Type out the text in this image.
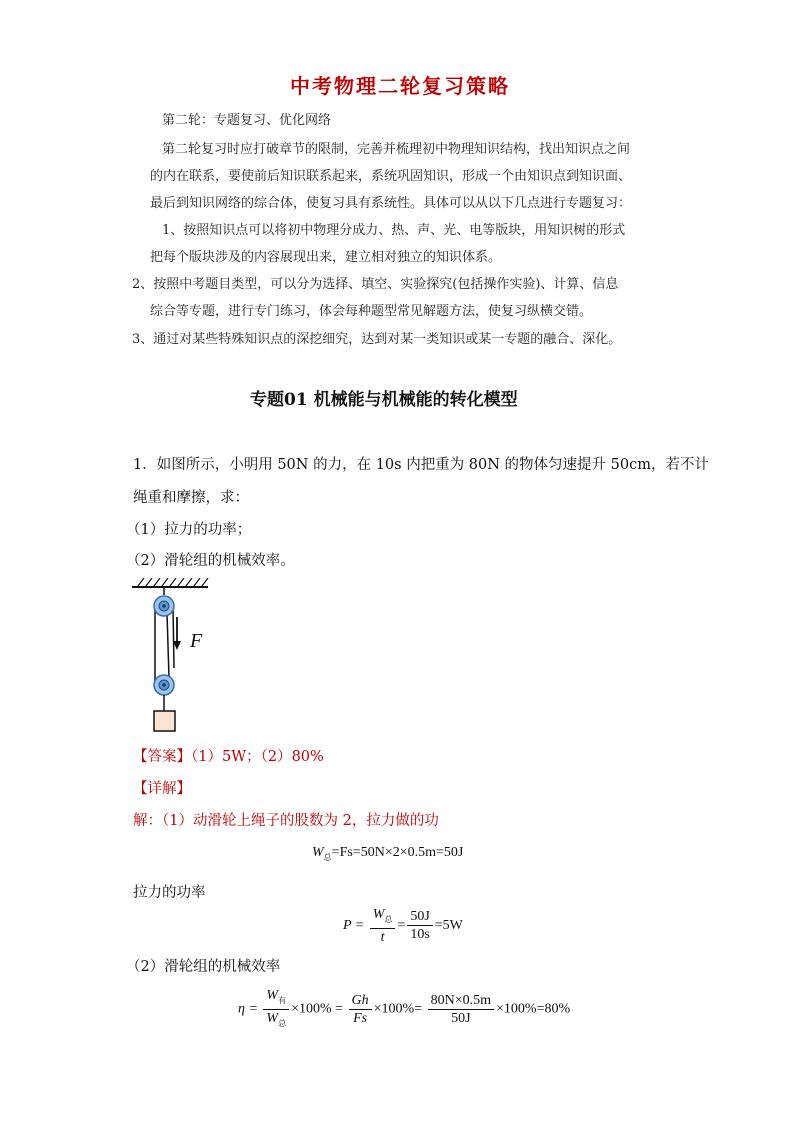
中考物理二轮复习策略
第二轮：专题复习、优化网络
第二轮复习时应打破章节的限制，完善并梳理初中物理知识结构，找出知识点之间
的内在联系，要使前后知识联系起来，系统巩固知识，形成一个由知识点到知识面、
最后到知识网络的综合体，使复习具有系统性。具体可以从以下几点进行专题复习：
1、按照知识点可以将初中物理分成力、热、声、光、电等版块，用知识树的形式
把每个版块涉及的内容展现出来，建立相对独立的知识体系。
2、按照中考题目类型，可以分为选择、填空、实验探究(包括操作实验)、计算、信息
综合等专题，进行专门练习，体会每种题型常见解题方法，使复习纵横交错。
3、通过对某些特殊知识点的深挖细究，达到对某一类知识或某一专题的融合、深化。
专题01 机械能与机械能的转化模型
1．如图所示，小明用 50N 的力，在 10s 内把重为 80N 的物体匀速提升 50cm，若不计
绳重和摩擦，求：
（1）拉力的功率；
（2）滑轮组的机械效率。
F
【答案】（1）5W；（2）80%
【详解】
解：（1）动滑轮上绳子的股数为 2，拉力做的功
$W_总=Fs=50N\times 2\times 0.5m=50J$
拉力的功率
$P = \frac{W_总}{t} = \frac{50J}{10s} =5W$
（2）滑轮组的机械效率
$\eta = \frac{W_有}{W_总} \times 100\% = \frac{Gh}{Fs} \times 100\%= \frac{80N\times 0.5m}{50J} \times 100\%=80\%$
